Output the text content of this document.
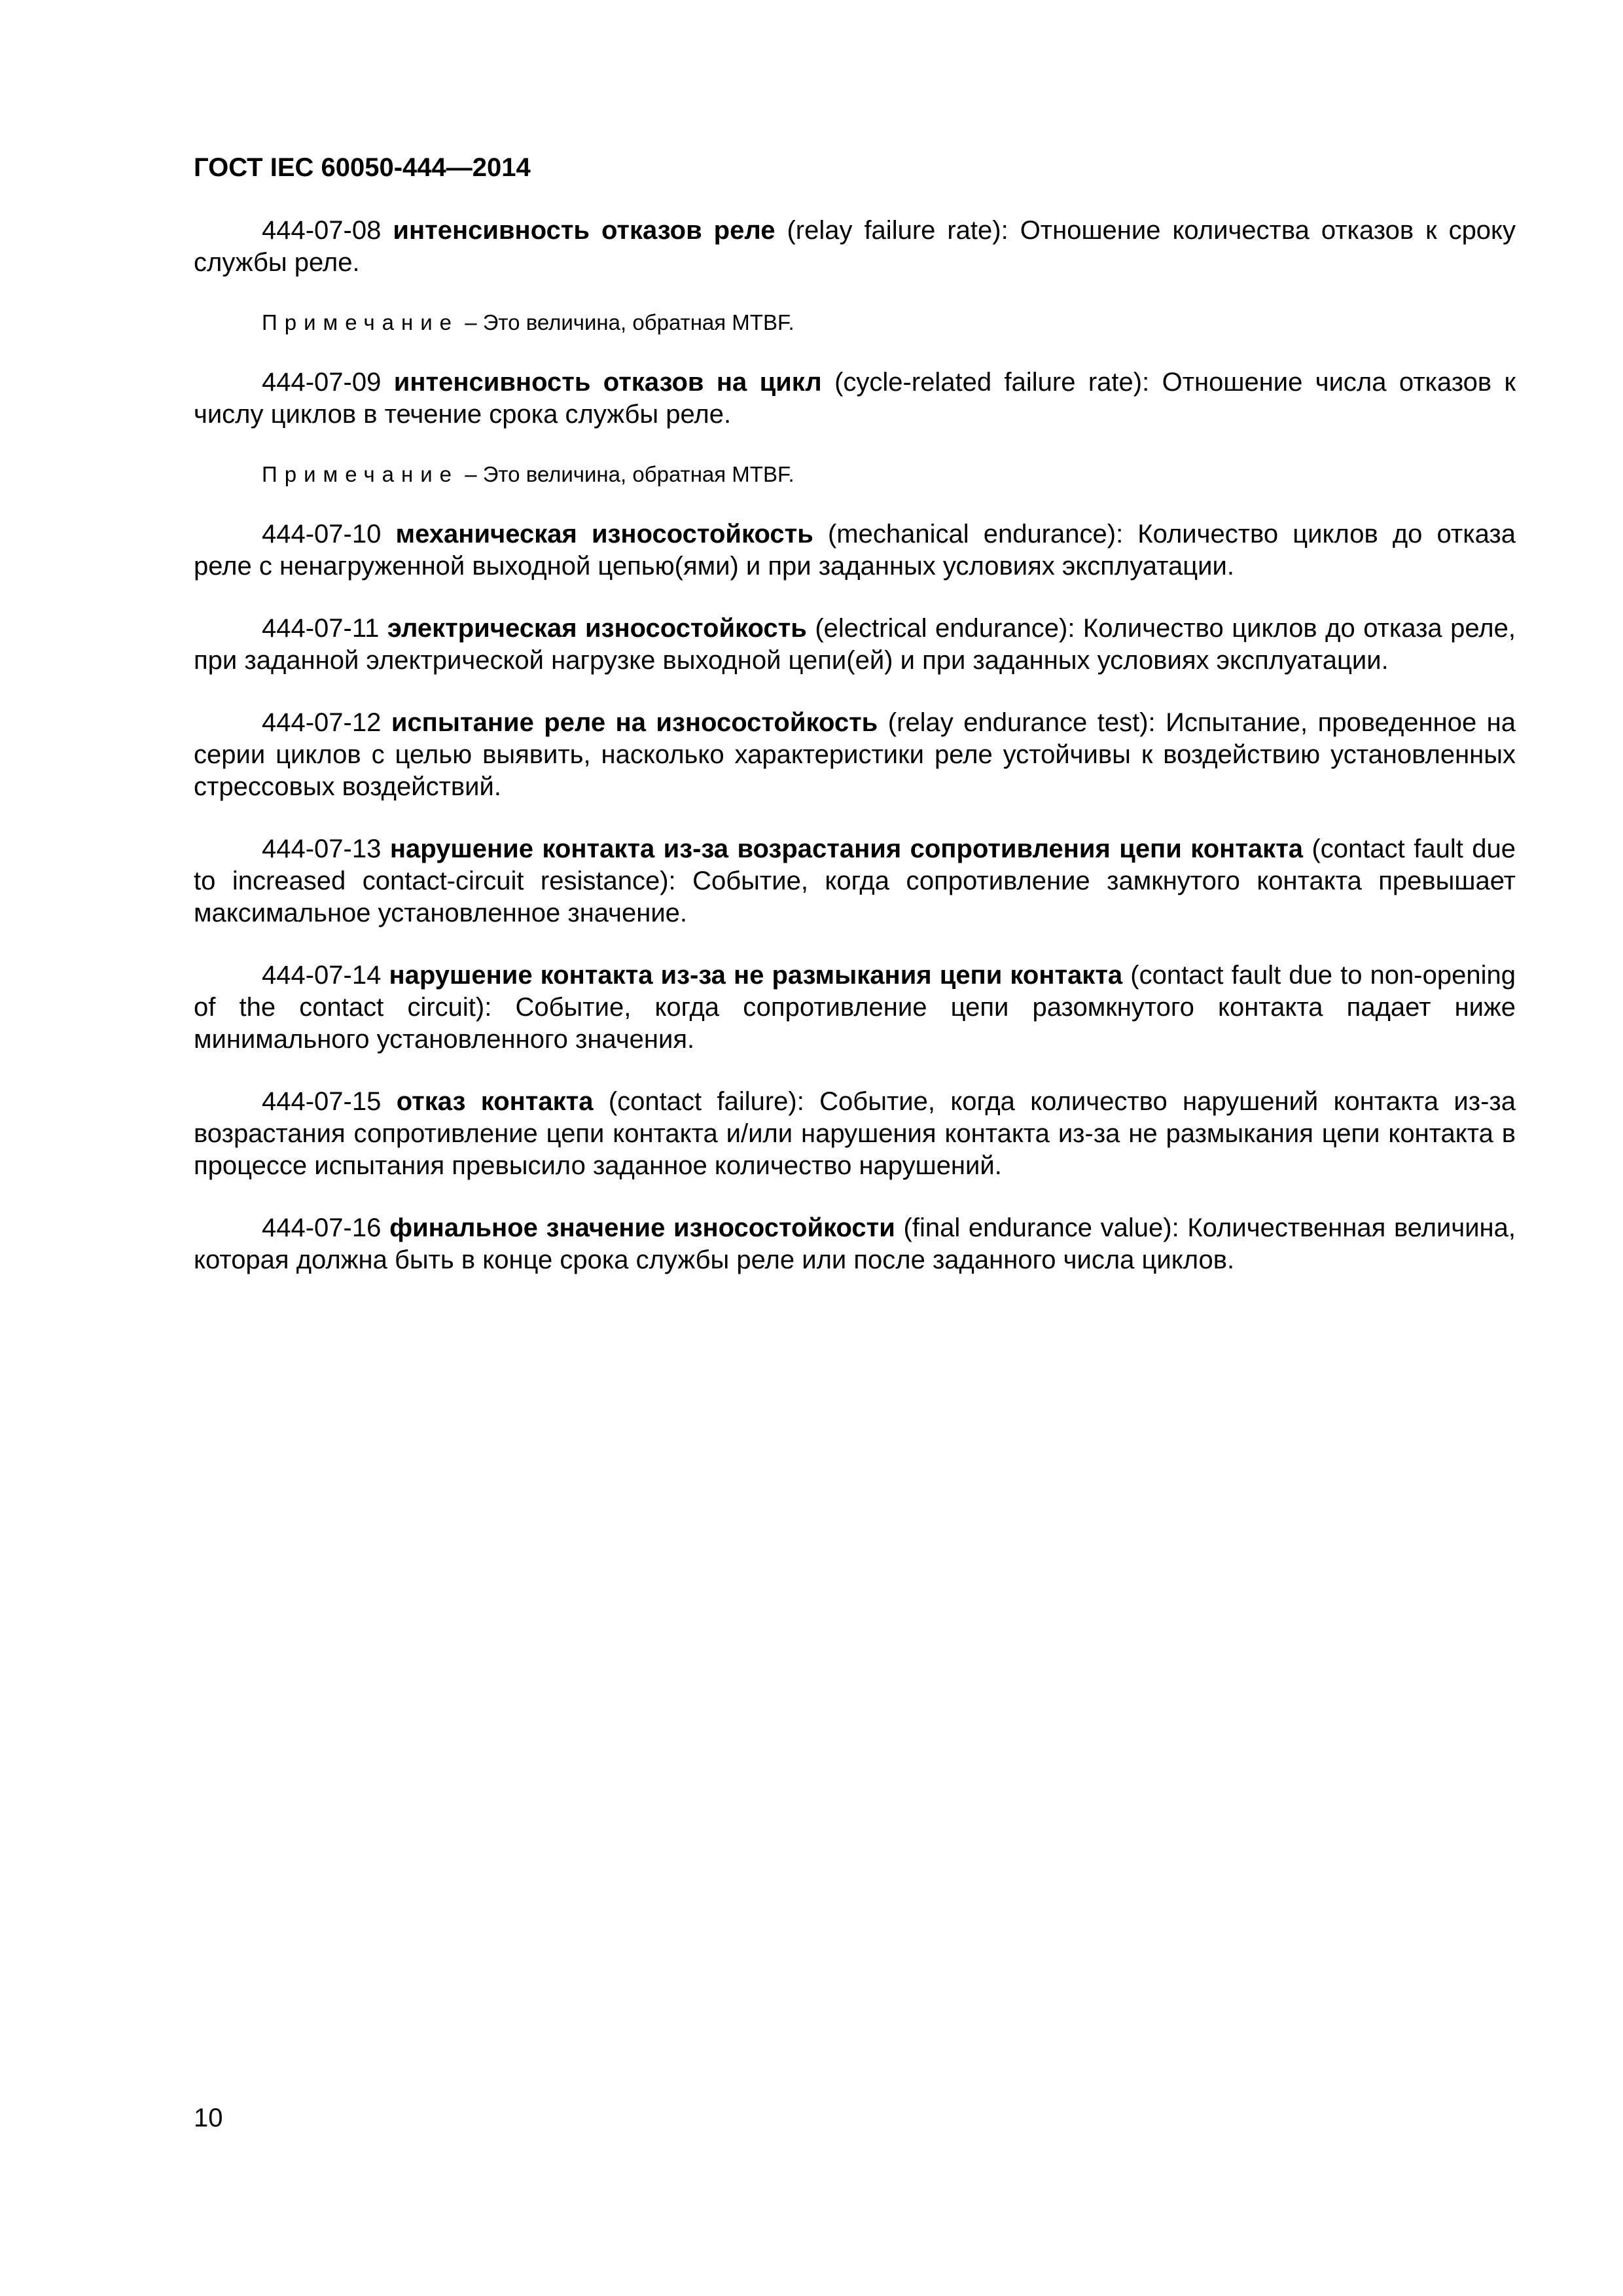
ГОСТ IEC 60050-444—2014

444-07-08 интенсивность отказов реле (relay failure rate): Отношение количества отказов к сроку службы реле.

Примечание – Это величина, обратная MTBF.

444-07-09 интенсивность отказов на цикл (cycle-related failure rate): Отношение числа отказов к числу циклов в течение срока службы реле.

Примечание – Это величина, обратная MTBF.

444-07-10 механическая износостойкость (mechanical endurance): Количество циклов до отказа реле с ненагруженной выходной цепью(ями) и при заданных условиях эксплуатации.

444-07-11 электрическая износостойкость (electrical endurance): Количество циклов до отказа реле, при заданной электрической нагрузке выходной цепи(ей) и при заданных условиях эксплуатации.

444-07-12 испытание реле на износостойкость (relay endurance test): Испытание, проведенное на серии циклов с целью выявить, насколько характеристики реле устойчивы к воздействию установленных стрессовых воздействий.

444-07-13 нарушение контакта из-за возрастания сопротивления цепи контакта (contact fault due to increased contact-circuit resistance): Событие, когда сопротивление замкнутого контакта превышает максимальное установленное значение.

444-07-14 нарушение контакта из-за не размыкания цепи контакта (contact fault due to non-opening of the contact circuit): Событие, когда сопротивление цепи разомкнутого контакта падает ниже минимального установленного значения.

444-07-15 отказ контакта (contact failure): Событие, когда количество нарушений контакта из-за возрастания сопротивление цепи контакта и/или нарушения контакта из-за не размыкания цепи контакта в процессе испытания превысило заданное количество нарушений.

444-07-16 финальное значение износостойкости (final endurance value): Количественная величина, которая должна быть в конце срока службы реле или после заданного числа циклов.

10
